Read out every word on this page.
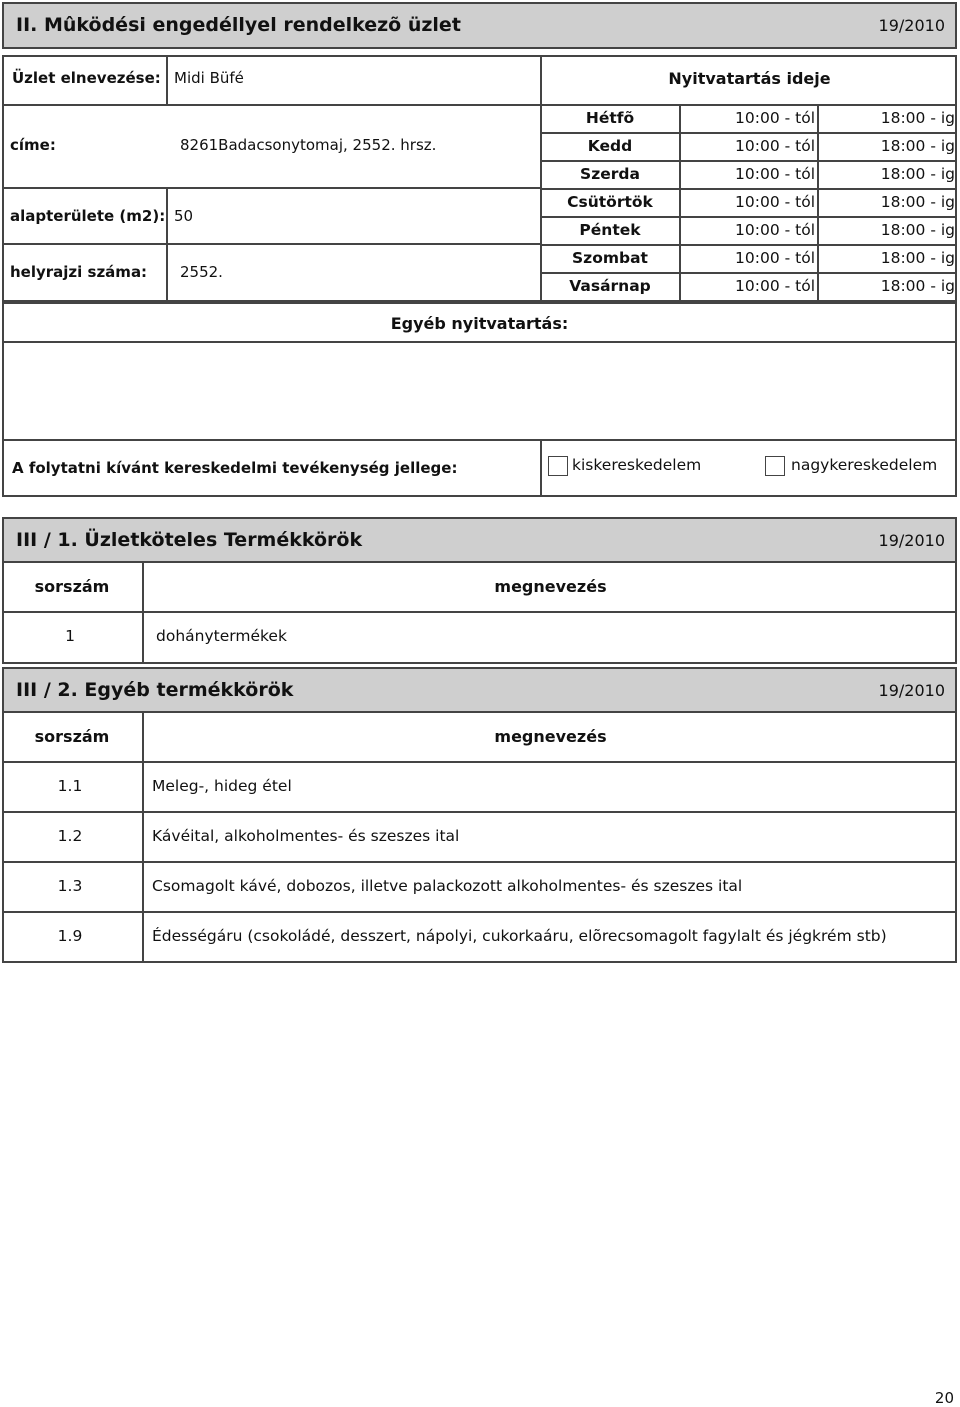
II. Mûködési engedéllyel rendelkezõ üzlet	19/2010
Üzlet elnevezése: Midi Büfé
címe:	8261Badacsonytomaj, 2552. hrsz.
alapterülete (m2): 50
helyrajzi száma: 2552.
Nyitvatartás ideje
Hétfõ	10:00 - tól	18:00 - ig
Kedd	10:00 - tól	18:00 - ig
Szerda	10:00 - tól	18:00 - ig
Csütörtök	10:00 - tól	18:00 - ig
Péntek	10:00 - tól	18:00 - ig
Szombat	10:00 - tól	18:00 - ig
Vasárnap	10:00 - tól	18:00 - ig
Egyéb nyitvatartás:
A folytatni kívánt kereskedelmi tevékenység jellege:	kiskereskedelem	nagykereskedelem
III / 1. Üzletköteles Termékkörök	19/2010
sorszám	megnevezés
1	dohánytermékek
III / 2. Egyéb termékkörök	19/2010
sorszám	megnevezés
1.1	Meleg-, hideg étel
1.2	Kávéital, alkoholmentes- és szeszes ital
1.3	Csomagolt kávé, dobozos, illetve palackozott alkoholmentes- és szeszes ital
1.9	Édességáru (csokoládé, desszert, nápolyi, cukorkaáru, elõrecsomagolt fagylalt és jégkrém stb)
20
